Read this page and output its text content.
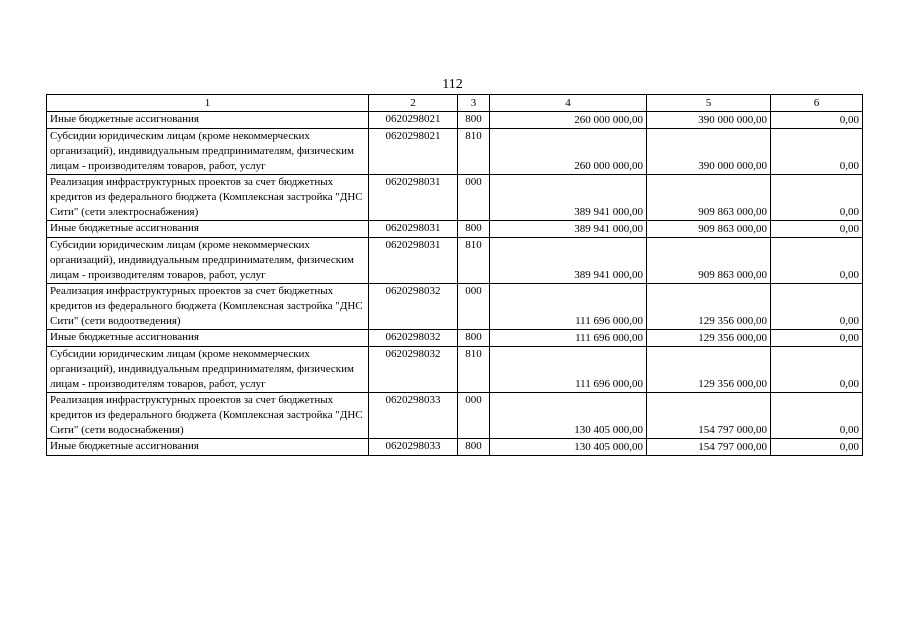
112
1	2	3	4	5	6
Иные бюджетные ассигнования	0620298021	800	260 000 000,00	390 000 000,00	0,00
Субсидии юридическим лицам (кроме некоммерческих организаций), индивидуальным предпринимателям, физическим лицам - производителям товаров, работ, услуг	0620298021	810	260 000 000,00	390 000 000,00	0,00
Реализация инфраструктурных проектов за счет бюджетных кредитов из федерального бюджета (Комплексная застройка "ДНС Сити" (сети электроснабжения)	0620298031	000	389 941 000,00	909 863 000,00	0,00
Иные бюджетные ассигнования	0620298031	800	389 941 000,00	909 863 000,00	0,00
Субсидии юридическим лицам (кроме некоммерческих организаций), индивидуальным предпринимателям, физическим лицам - производителям товаров, работ, услуг	0620298031	810	389 941 000,00	909 863 000,00	0,00
Реализация инфраструктурных проектов за счет бюджетных кредитов из федерального бюджета (Комплексная застройка "ДНС Сити" (сети водоотведения)	0620298032	000	111 696 000,00	129 356 000,00	0,00
Иные бюджетные ассигнования	0620298032	800	111 696 000,00	129 356 000,00	0,00
Субсидии юридическим лицам (кроме некоммерческих организаций), индивидуальным предпринимателям, физическим лицам - производителям товаров, работ, услуг	0620298032	810	111 696 000,00	129 356 000,00	0,00
Реализация инфраструктурных проектов за счет бюджетных кредитов из федерального бюджета (Комплексная застройка "ДНС Сити" (сети водоснабжения)	0620298033	000	130 405 000,00	154 797 000,00	0,00
Иные бюджетные ассигнования	0620298033	800	130 405 000,00	154 797 000,00	0,00
